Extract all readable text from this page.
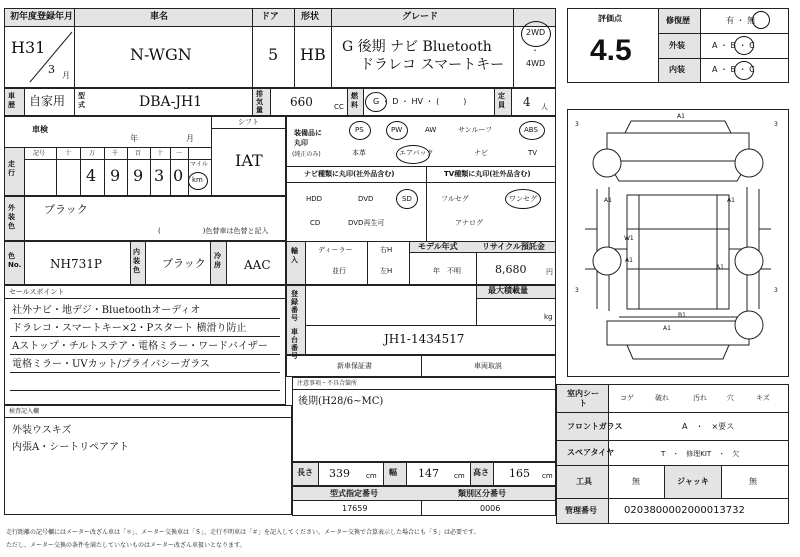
初年度登録年月	車名	ドア 形状	グレード
H31
3 月
N-WGN	5 HB G 後期 ナビ Bluetooth
ドラレコ スマートキー
2WD
・
4WD
車歴 自家用 型式	DBA-JH1	排気量
660	CC
燃料	G ・ D ・ HV ・ (　　　)
定員 4 人
評価点
4.5
修復歴	有 ・ 無
外装	A ・ B ・ C
内装	A ・ B ・ C
車検
年	月
シフト
IAT
走行
記号	十	万	千	百	十 一
4 9 9 3 0
マイル
km
外装色
ブラック
(　　　　　　)色替車は色替と記入
装備品に丸印
(純正のみ)
PS	PW	AW	サンルーフ	ABS
本革	エアバック	ナビ	TV
ナビ種類に丸印(社外品含む)
HDD	DVD	SD
CD	DVD再生可
TV種類に丸印(社外品含む)
フルセグ	ワンセグ
アナログ
色No. NH731P
内装色 ブラック
冷房 AAC
輸入
ディーラー
並行
右H
左H
モデル年式
年　不明
リサイクル預託金
8,680	円
セールスポイント
社外ナビ・地デジ・Bluetoothオーディオ
ドラレコ・スマートキー×2・Pスタート 横滑り防止
Aストップ・チルトステア・電格ミラー・ワードバイザー
電格ミラー・UVカット/プライバシーガラス
登録番号
最大積載量
kg
車台番号
JH1-1434517
新車保証書	車両取説
注意事項・不具合箇所
後期(H28/6~MC)
検査記入欄
外装ウスキズ
内張A・シートリペアアト
長さ 339 cm 幅 147 cm 高さ 165 cm
型式指定番号	類別区分番号
17659	0006
室内シート
コゲ	破れ	汚れ	穴	キズ
フロントガラス	A　・　×要ス
スペアタイヤ	T　・　修理KIT　・　欠
工具	無	ジャッキ	無
管理番号	0203800002000013732
A1
A1	A1
A1
A1
W1
A1
B1
3	3
3	3
走行距離の記号欄にはメーター改ざん車は「＊」、メーター交換車は「＄」、走行不明車は「＃」を記入してください。メーター交換で合算表示した場合にも「＄」は必要です。
ただし、メーター交換の条件を満たしていないものはメーター改ざん車扱いとなります。
